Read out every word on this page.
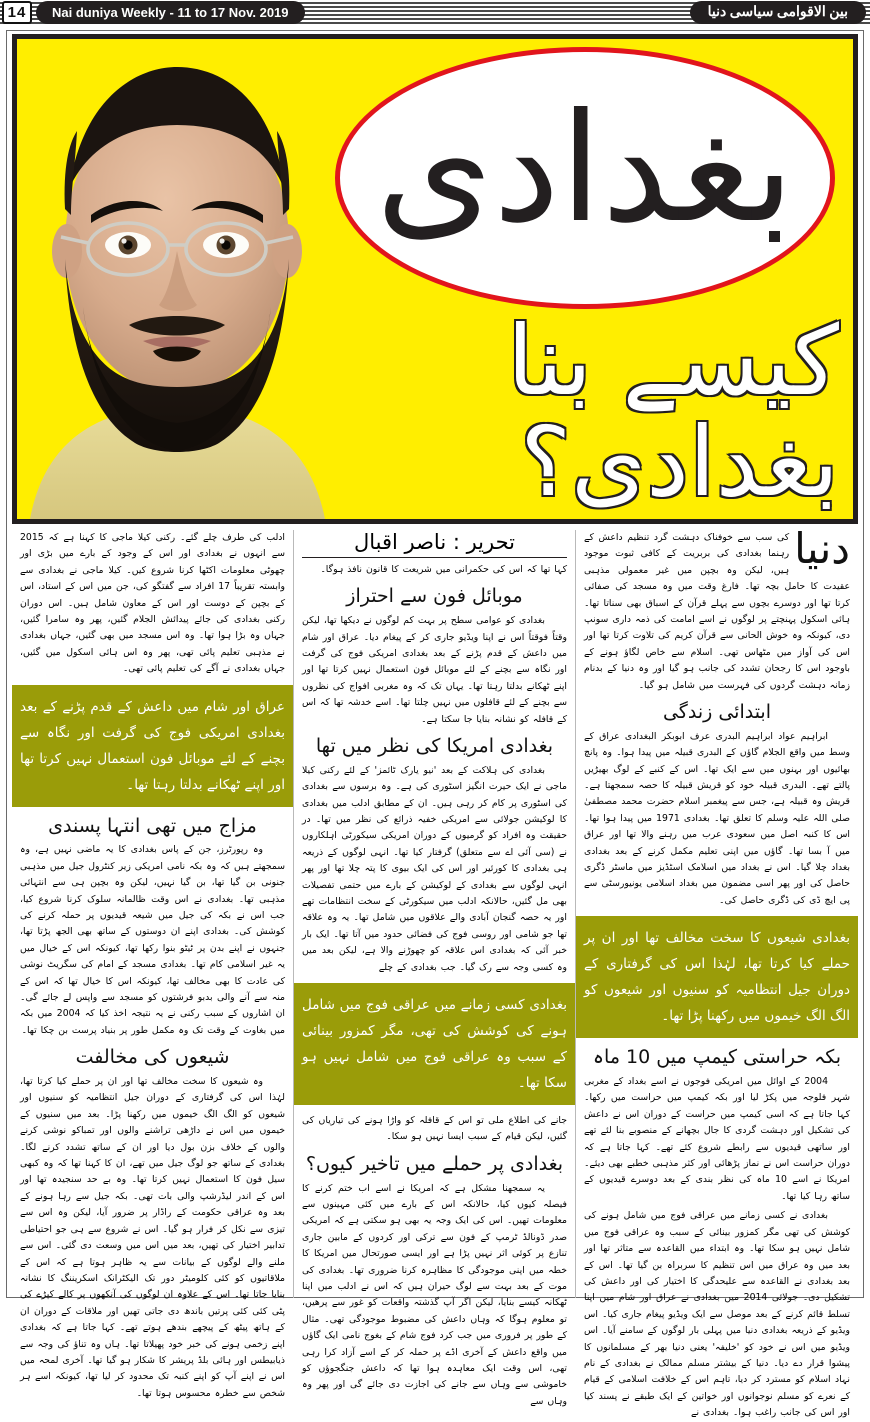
14	Nai duniya Weekly - 11 to 17 Nov. 2019	بین الاقوامی سیاسی دنیا
بغدادی
کیسے بنا بغدادی؟
دنیا
کی سب سے خوفناک دہشت گرد تنظیم داعش کے رہنما بغدادی کی بربریت کے کافی ثبوت موجود ہیں، لیکن وہ بچپن میں غیر معمولی مذہبی عقیدت کا حامل بچہ تھا۔ فارغ وقت میں وہ مسجد کی صفائی کرتا تھا اور دوسرے بچوں سے پہلے قرآن کے اسباق بھی سناتا تھا۔ ہائی اسکول پہنچتے پر لوگوں نے اسے امامت کی ذمہ داری سونپ دی، کیونکہ وہ خوش الحانی سے قرآن کریم کی تلاوت کرتا تھا اور اس کی آواز میں مٹھاس تھی۔ اسلام سے خاص لگاؤ ہونے کے باوجود اس کا رجحان تشدد کی جانب ہو گیا اور وہ دنیا کے بدنام زمانہ دہشت گردوں کی فہرست میں شامل ہو گیا۔
ابتدائی زندگی

ابراہیم عواد ابراہیم البدری عرف ابوبکر البغدادی عراق کے وسط میں واقع الجلام گاؤں کے البدری قبیلہ میں پیدا ہوا۔ وہ پانچ بھائیوں اور بہنوں میں سے ایک تھا۔ اس کے کنبے کے لوگ بھیڑیں پالتے تھے۔ البدری قبیلہ خود کو قریش قبیلہ کا حصہ سمجھتا ہے۔ قریش وہ قبیلہ ہے، جس سے پیغمبر اسلام حضرت محمد مصطفیٰ صلی اللہ علیہ وسلم کا تعلق تھا۔ بغدادی 1971 میں پیدا ہوا تھا۔ اس کا کنبہ اصل میں سعودی عرب میں رہنے والا تھا اور عراق میں آ بسا تھا۔ گاؤں میں اپنی تعلیم مکمل کرنے کے بعد بغدادی بغداد چلا گیا۔ اس نے بغداد میں اسلامک اسٹڈیز میں ماسٹر ڈگری حاصل کی اور پھر اسی مضمون میں بغداد اسلامی یونیورسٹی سے پی ایچ ڈی کی ڈگری حاصل کی۔

بغدادی شیعوں کا سخت مخالف تھا اور ان پر حملے کیا کرتا تھا، لہٰذا اس کی گرفتاری کے دوران جیل انتظامیہ کو سنیوں اور شیعوں کو الگ الگ خیموں میں رکھنا پڑا تھا۔
بکہ حراستی کیمپ میں 10 ماہ

2004 کے اوائل میں امریکی فوجوں نے اسے بغداد کے مغربی شہر فلوجہ میں پکڑ لیا اور بکہ کیمپ میں حراست میں رکھا۔ کہا جاتا ہے کہ اسی کیمپ میں حراست کے دوران اس نے داعش کی تشکیل اور دہشت گردی کا جال بچھانے کے منصوبے بنا لئے تھے اور ساتھی قیدیوں سے رابطے شروع کئے تھے۔ کہا جاتا ہے کہ دوران حراست اس نے نماز پڑھائی اور کثر مذہبی خطبے بھی دیئے۔ امریکا نے اسے 10 ماہ کی نظر بندی کے بعد دوسرے قیدیوں کے ساتھ رہا کیا تھا۔

بغدادی نے کسی زمانے میں عراقی فوج میں شامل ہونے کی کوشش کی تھی مگر کمزور بینائی کے سبب وہ عراقی فوج میں شامل نہیں ہو سکا تھا۔ وہ ابتداء میں القاعدہ سے متاثر تھا اور بعد میں وہ عراق میں اس تنظیم کا سربراہ بن گیا تھا۔ اس کے بعد بغدادی نے القاعدہ سے علیحدگی کا اختیار کی اور داعش کی تشکیل دی۔ جولائی 2014 میں بغدادی نے عراق اور شام میں اپنا تسلط قائم کرنے کے بعد موصل سے ایک ویڈیو پیغام جاری کیا۔ اس ویڈیو کے ذریعہ بغدادی دنیا میں پہلی بار لوگوں کے سامنے آیا۔ اس ویڈیو میں اس نے خود کو 'خلیفہ' یعنی دنیا بھر کے مسلمانوں کا پیشوا قرار دے دیا۔ دنیا کے بیشتر مسلم ممالک نے بغدادی کے نام نہاد اسلام کو مسترد کر دیا، تاہم اس کے خلافت اسلامی کے قیام کے نعرے کو مسلم نوجوانوں اور خواتین کے ایک طبقے نے پسند کیا اور اس کی جانب راغب ہوا۔ بغدادی نے

تحریر : ناصر اقبال

کہا تھا کہ اس کی حکمرانی میں شریعت کا قانون نافذ ہوگا۔

موبائل فون سے احتراز

بغدادی کو عوامی سطح پر بہت کم لوگوں نے دیکھا تھا، لیکن وقتاً فوقتاً اس نے اپنا ویڈیو جاری کر کے پیغام دیا۔ عراق اور شام میں داعش کے قدم پڑنے کے بعد بغدادی امریکی فوج کی گرفت اور نگاہ سے بچنے کے لئے موبائل فون استعمال نہیں کرتا تھا اور اپنے ٹھکانے بدلتا رہتا تھا۔ یہاں تک کہ وہ مغربی افواج کی نظروں سے بچنے کے لئے قافلوں میں نہیں چلتا تھا۔ اسے خدشہ تھا کہ اس کے قافلہ کو نشانہ بنایا جا سکتا ہے۔

بغدادی امریکا کی نظر میں تھا

بغدادی کی ہلاکت کے بعد 'نیو یارک ٹائمز' کے لئے رکنی کیلا ماجی نے ایک حیرت انگیز اسٹوری کی ہے۔ وہ برسوں سے بغدادی کی اسٹوری پر کام کر رہی ہیں۔ ان کے مطابق ادلب میں بغدادی کا لوکیشن جولائی سے امریکی خفیہ ذرائع کی نظر میں تھا۔ در حقیقت وہ افراد کو گرمیوں کے دوران امریکی سیکورٹی اہلکاروں نے (سی آئی اے سے متعلق) گرفتار کیا تھا۔ انہی لوگوں کے ذریعہ ہی بغدادی کا کورئیر اور اس کی ایک بیوی کا پتہ چلا تھا اور پھر انہی لوگوں سے بغدادی کے لوکیشن کے بارے میں حتمی تفصیلات بھی مل گئیں، حالانکہ ادلب میں سیکورٹی کے سخت انتظامات تھے اور یہ حصہ گنجان آبادی والے علاقوں میں شامل تھا۔ یہ وہ علاقہ تھا جو شامی اور روسی فوج کی فضائی حدود میں آتا تھا۔ ایک بار خبر آئی کہ بغدادی اس علاقہ کو چھوڑنے والا ہے، لیکن بعد میں وہ کسی وجہ سے رک گیا۔ جب بغدادی کے چلے

بغدادی کسی زمانے میں عراقی فوج میں شامل ہونے کی کوشش کی تھی، مگر کمزور بینائی کے سبب وہ عراقی فوج میں شامل نہیں ہو سکا تھا۔

جانے کی اطلاع ملی تو اس کے قافلہ کو واڑا ہونے کی تیاریاں کی گئیں، لیکن قیام کے سبب ایسا نہیں ہو سکا۔

بغدادی پر حملے میں تاخیر کیوں؟

یہ سمجھنا مشکل ہے کہ امریکا نے اسے اب ختم کرنے کا فیصلہ کیوں کیا، حالانکہ اس کے بارے میں کئی مہینوں سے معلومات تھیں۔ اس کی ایک وجہ یہ بھی ہو سکتی ہے کہ امریکی صدر ڈونالڈ ٹرمپ کے فون سے ترکی اور کردوں کے مابین جاری تنازع پر کوئی اثر نہیں پڑا ہے اور ایسی صورتحال میں امریکا کا خطہ میں اپنی موجودگی کا مظاہرہ کرنا ضروری تھا۔ بغدادی کی موت کے بعد بہت سے لوگ حیران ہیں کہ اس نے ادلب میں اپنا ٹھکانہ کیسے بنایا، لیکن اگر آپ گذشتہ واقعات کو غور سے پرھیں، تو معلوم ہوگا کہ وہاں داعش کی مضبوط موجودگی تھی۔ مثال کے طور پر فروری میں جب کرد فوج شام کے بغوج نامی ایک گاؤں میں واقع داعش کے آخری اڈے پر حملہ کر کے اسے آزاد کرا رہی تھی، اس وقت ایک معاہدہ ہوا تھا کہ داعش جنگجوؤں کو خاموشی سے وہاں سے جانے کی اجازت دی جائے گی اور پھر وہ وہاں سے

ادلب کی طرف چلے گئے۔ رکنی کیلا ماجی کا کہنا ہے کہ 2015 سے انہوں نے بغدادی اور اس کے وجود کے بارے میں بڑی اور چھوٹی معلومات اکٹھا کرنا شروع کیں۔ کیلا ماجی نے بغدادی سے وابستہ تقریباً 17 افراد سے گفتگو کی، جن میں اس کے استاد، اس کے بچپن کے دوست اور اس کے معاون شامل ہیں۔ اس دوران رکنی بغدادی کی جائے پیدائش الجلام گئیں، پھر وہ سامرا گئیں، جہاں وہ بڑا ہوا تھا۔ وہ اس مسجد میں بھی گئیں، جہاں بغدادی نے مذہبی تعلیم پائی تھی، پھر وہ اس ہائی اسکول میں گئیں، جہاں بغدادی نے آگے کی تعلیم پائی تھی۔

عراق اور شام میں داعش کے قدم پڑنے کے بعد بغدادی امریکی فوج کی گرفت اور نگاہ سے بچنے کے لئے موبائل فون استعمال نہیں کرتا تھا اور اپنے ٹھکانے بدلتا رہتا تھا۔
مزاج میں تھی انتہا پسندی

وہ رپورٹرز، جن کے پاس بغدادی کا یہ ماضی نہیں ہے، وہ سمجھتے ہیں کہ وہ بکہ نامی امریکی زیر کنٹرول جیل میں مذہبی جنونی بن گیا تھا، بن گیا نہیں، لیکن وہ بچپن ہی سے انتہائی مذہبی تھا۔ بغدادی نے اس وقت ظالمانہ سلوک کرنا شروع کیا، جب اس نے بکہ کی جیل میں شیعہ قیدیوں پر حملہ کرنے کی کوشش کی۔ بغدادی اپنے ان دوستوں کے ساتھ بھی الجھ پڑتا تھا، جنہوں نے اپنے بدن پر ٹیٹو بنوا رکھا تھا، کیونکہ اس کے خیال میں یہ غیر اسلامی کام تھا۔ بغدادی مسجد کے امام کی سگریٹ نوشی کی عادت کا بھی مخالف تھا، کیونکہ اس کا خیال تھا کہ اس کے منہ سے آنے والی بدبو فرشتوں کو مسجد سے واپس لے جائے گی۔ ان اشاروں کے سبب رکنی نے یہ نتیجہ اخذ کیا کہ 2004 میں بکہ میں بغاوت کے وقت تک وہ مکمل طور پر بنیاد پرست بن چکا تھا۔

شیعوں کی مخالفت

وہ شیعوں کا سخت مخالف تھا اور ان پر حملے کیا کرتا تھا، لہٰذا اس کی گرفتاری کے دوران جیل انتظامیہ کو سنیوں اور شیعوں کو الگ الگ خیموں میں رکھنا پڑا۔ بعد میں سنیوں کے خیموں میں اس نے داڑھی تراشنے والوں اور تمباکو نوشی کرنے والوں کے خلاف بزن بول دیا اور ان کے ساتھ تشدد کرنے لگا۔ بغدادی کے ساتھ جو لوگ جیل میں تھے، ان کا کہنا تھا کہ وہ کبھی سیل فون کا استعمال نہیں کرتا تھا۔ وہ بے حد سنجیدہ تھا اور اس کے اندر لیڈرشپ والی بات تھی۔ بکہ جیل سے رہا ہونے کے بعد وہ عراقی حکومت کے راڈار پر ضرور آیا، لیکن وہ اس سے تیزی سے نکل کر فرار ہو گیا۔ اس نے شروع سے ہی جو احتیاطی تدابیر اختیار کی تھیں، بعد میں اس میں وسعت دی گئی۔ اس سے ملنے والے لوگوں کے بیانات سے یہ ظاہر ہوتا ہے کہ اس کے ملاقاتیوں کو کئی کلومیٹر دور تک الیکٹرانک اسکریننگ کا نشانہ بنایا جاتا تھا۔ اس کے علاوہ ان لوگوں کی آنکھوں پر کالے کپڑے کی پٹی کئی کئی پرتیں باندھ دی جاتی تھیں اور ملاقات کے دوران ان کے ہاتھ پیٹھ کے پیچھے بندھے ہوتے تھے۔ کہا جاتا ہے کہ بغدادی اپنے زخمی ہونے کی خبر خود پھیلاتا تھا۔ ہاں وہ تناؤ کی وجہ سے ذیابیطس اور ہائی بلڈ پریشر کا شکار ہو گیا تھا۔ آخری لمحہ میں اس نے اپنے آپ کو اپنے کنبہ تک محدود کر لیا تھا، کیونکہ اسے ہر شخص سے خطرہ محسوس ہوتا تھا۔
